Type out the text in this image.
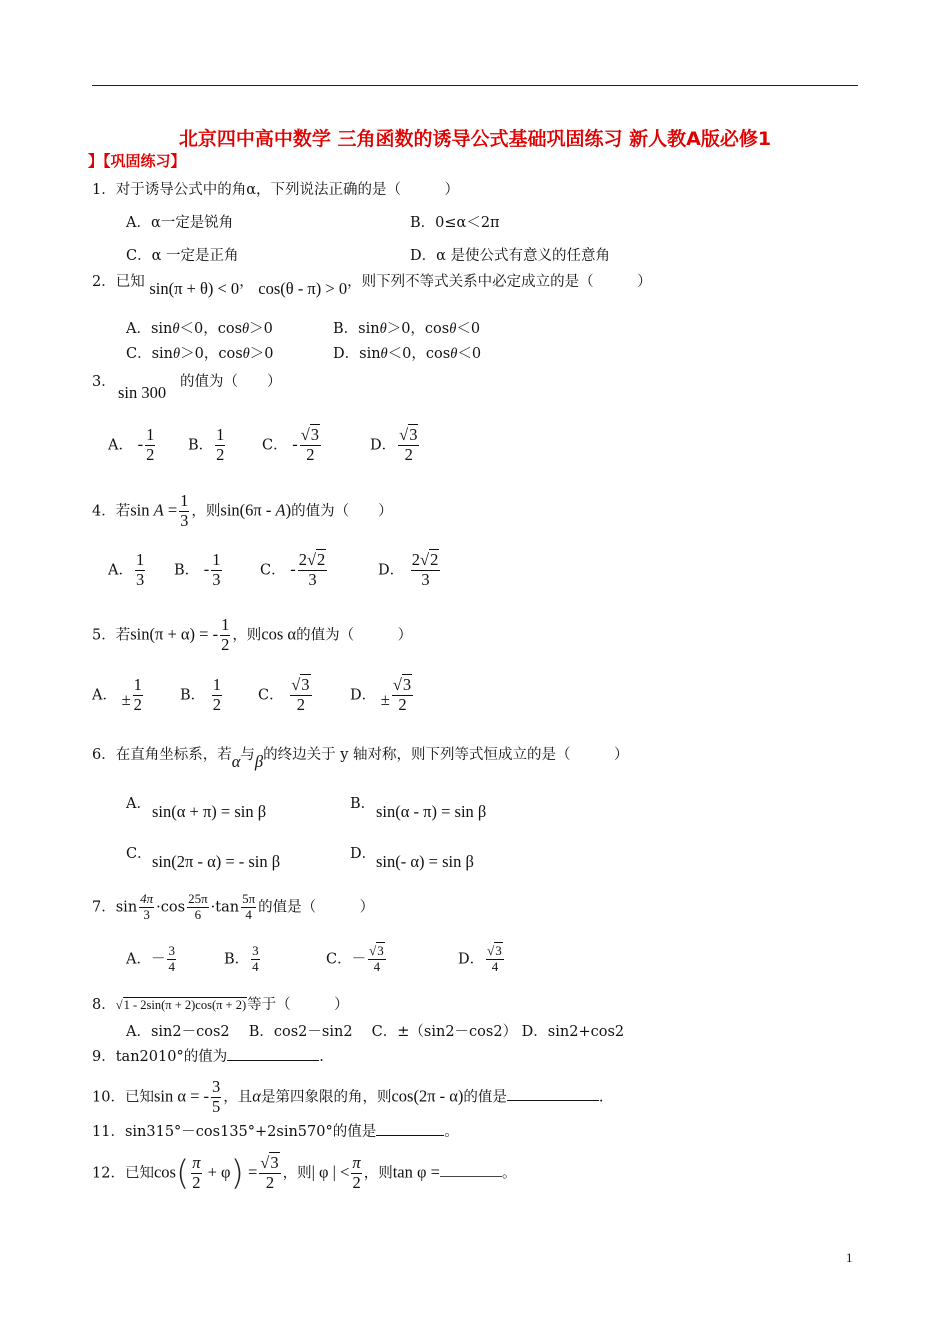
北京四中高中数学 三角函数的诱导公式基础巩固练习 新人教A版必修1
】【巩固练习】
1．对于诱导公式中的角α，下列说法正确的是（　　　）
A．α一定是锐角	B．0≤α＜2π
C．α 一定是正角	D．α 是使公式有意义的任意角
2．已知 sin(π + θ) < 0， cos(θ - π) > 0，则下列不等式关系中必定成立的是（　　　）
A．sinθ＜0，cosθ＞0	B．sinθ＞0，cosθ＜0
C．sinθ＞0，cosθ＞0	D．sinθ＜0，cosθ＜0
3．
sin 300
的值为（　　）
A． - $\frac{1}{2}$ B． $\frac{1}{2}$	C． - $\frac{√3}{2}$	D． $\frac{√3}{2}$
4．若$\sin A = \frac{1}{3}$ ，则sin(6π - A)的值为（　　）
A． $\frac{1}{3}$ B． - $\frac{1}{3}$	C． - $\frac{2√2}{3}$	D． $\frac{2√2}{3}$
5．若sin(π + α) = - $\frac{1}{2}$ ，则cos α的值为（　　　）
A． ± $\frac{1}{2}$	B． $\frac{1}{2}$ C． $\frac{√3}{2}$	D． ± $\frac{√3}{2}$
6．在直角坐标系，若α与β的终边关于 y 轴对称，则下列等式恒成立的是（　　　）
A． sin(α + π) = sin β	B． sin(α - π) = sin β
C． sin(2π - α) = - sin β	D． sin(- α) = sin β
7．$\sin \frac{4\pi}{3} \cdot\cos \frac{25\pi}{6} \cdot\tan \frac{5\pi}{4}$ 的值是（　　　）
A．－ $\frac{3}{4}$	B． $\frac{3}{4}$	C．－ $\frac{√3}{4}$	D． $\frac{√3}{4}$
8．√1 - 2sin(π + 2)cos(π + 2)等于（　　　）
A．sin2－cos2　 B．cos2－sin2　 C．±（sin2－cos2） D．sin2+cos2
9．tan2010°的值为	.
10．已知sin α = - $\frac{3}{5}$ ，且α是第四象限的角，则cos(2π - α)的值是	.
11．sin315°－cos135°+2sin570°的值是	。
12．已知$\cos( \frac{\pi}{2} + \varphi) = \frac{√3}{2}$ ，则| φ | < $\frac{\pi}{2}$ ，则tan φ =	。
1
